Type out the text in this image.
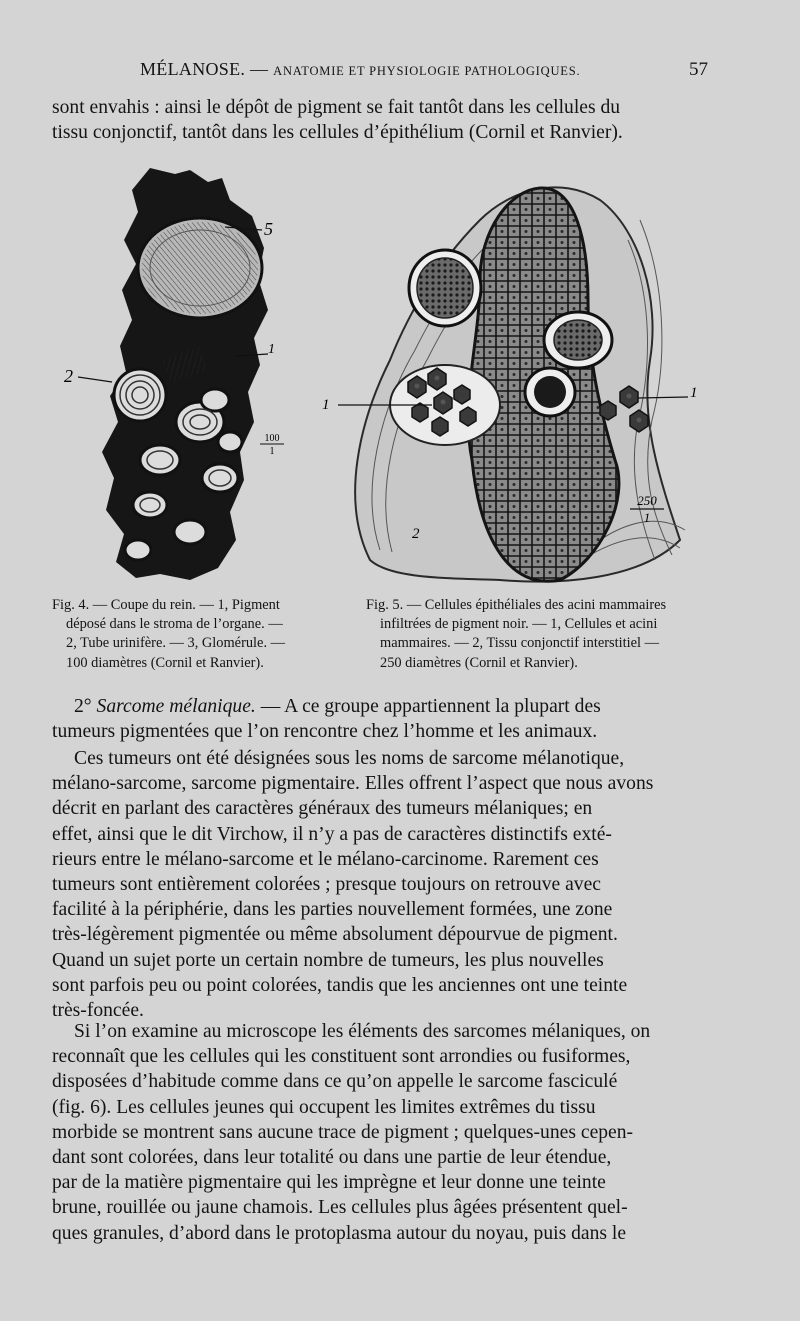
MÉLANOSE. — ANATOMIE ET PHYSIOLOGIE PATHOLOGIQUES.	57
sont envahis : ainsi le dépôt de pigment se fait tantôt dans les cellules du
tissu conjonctif, tantôt dans les cellules d’épithélium (Cornil et Ranvier).
5
1
2
100
1
1
1
2
250
1
Fig. 4. — Coupe du rein. — 1, Pigment
déposé dans le stroma de l’organe. —
2, Tube urinifère. — 3, Glomérule. —
100 diamètres (Cornil et Ranvier).
Fig. 5. — Cellules épithéliales des acini mammaires
infiltrées de pigment noir. — 1, Cellules et acini
mammaires. — 2, Tissu conjonctif interstitiel —
250 diamètres (Cornil et Ranvier).
2° Sarcome mélanique. — A ce groupe appartiennent la plupart des
tumeurs pigmentées que l’on rencontre chez l’homme et les animaux.
Ces tumeurs ont été désignées sous les noms de sarcome mélanotique,
mélano-sarcome, sarcome pigmentaire. Elles offrent l’aspect que nous avons
décrit en parlant des caractères généraux des tumeurs mélaniques; en
effet, ainsi que le dit Virchow, il n’y a pas de caractères distinctifs exté-
rieurs entre le mélano-sarcome et le mélano-carcinome. Rarement ces
tumeurs sont entièrement colorées ; presque toujours on retrouve avec
facilité à la périphérie, dans les parties nouvellement formées, une zone
très-légèrement pigmentée ou même absolument dépourvue de pigment.
Quand un sujet porte un certain nombre de tumeurs, les plus nouvelles
sont parfois peu ou point colorées, tandis que les anciennes ont une teinte
très-foncée.
Si l’on examine au microscope les éléments des sarcomes mélaniques, on
reconnaît que les cellules qui les constituent sont arrondies ou fusiformes,
disposées d’habitude comme dans ce qu’on appelle le sarcome fasciculé
(fig. 6). Les cellules jeunes qui occupent les limites extrêmes du tissu
morbide se montrent sans aucune trace de pigment ; quelques-unes cepen-
dant sont colorées, dans leur totalité ou dans une partie de leur étendue,
par de la matière pigmentaire qui les imprègne et leur donne une teinte
brune, rouillée ou jaune chamois. Les cellules plus âgées présentent quel-
ques granules, d’abord dans le protoplasma autour du noyau, puis dans le
